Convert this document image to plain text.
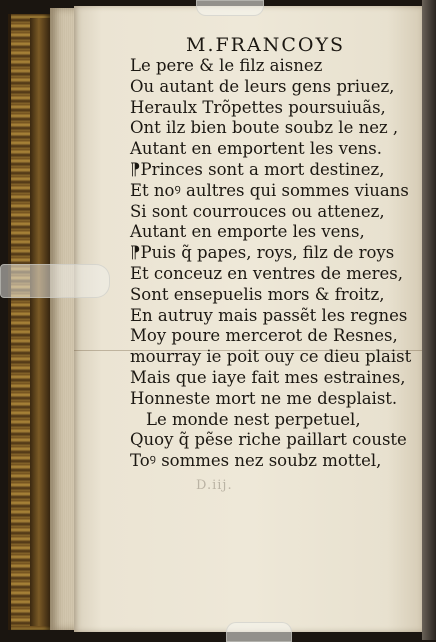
M.FRANCOYS
Le pere & le filz aisnez
Ou autant de leurs gens priuez,
Heraulx Trõpettes poursuiuãs,
Ont ilz bien boute soubz le nez ,
Autant en emportent les vens.
⁋Princes sont a mort destinez,
Et noꝰ aultres qui sommes viuans
Si sont courrouces ou attenez,
Autant en emporte les vens,
⁋Puis q̃ papes, roys, filz de roys
Et conceuz en ventres de meres,
Sont ensepuelis mors & froitz,
En autruy mais passẽt les regnes
Moy poure mercerot de Resnes,
mourray ie poit ouy ce dieu plaist
Mais que iaye fait mes estraines,
Honneste mort ne me desplaist.
Le monde nest perpetuel,
Quoy q̃ pẽse riche paillart couste
Toꝰ sommes nez soubz mottel,
D.iij.
